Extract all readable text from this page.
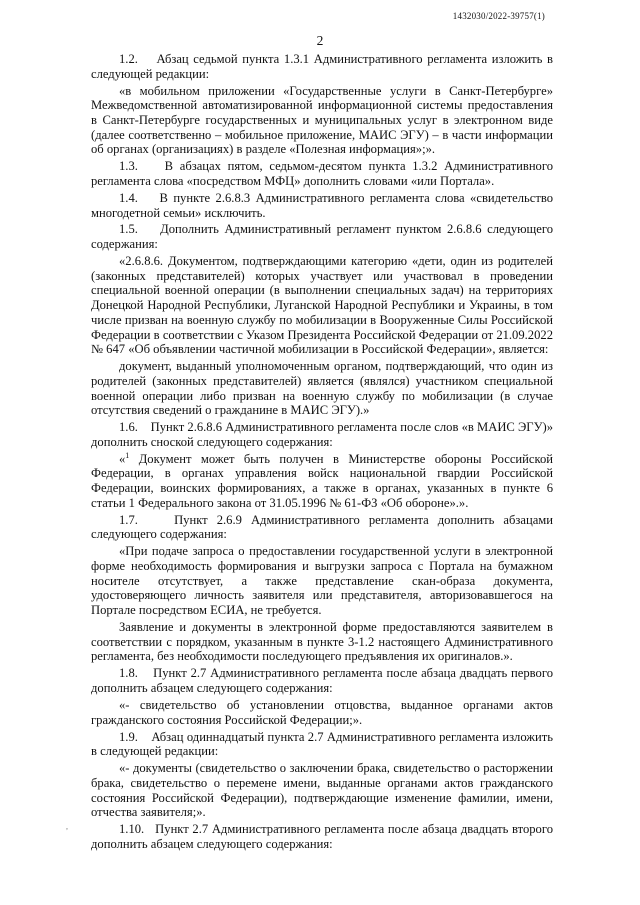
1432030/2022-39757(1)
2

1.2.    Абзац седьмой пункта 1.3.1 Административного регламента изложить в следующей редакции:

«в мобильном приложении «Государственные услуги в Санкт-Петербурге» Межведомственной автоматизированной информационной системы предоставления в Санкт-Петербурге государственных и муниципальных услуг в электронном виде (далее соответственно – мобильное приложение, МАИС ЭГУ) – в части информации об органах (организациях) в разделе «Полезная информация»;».

1.3.    В абзацах пятом, седьмом-десятом пункта 1.3.2 Административного регламента слова «посредством МФЦ» дополнить словами «или Портала».

1.4.    В пункте 2.6.8.3 Административного регламента слова «свидетельство многодетной семьи» исключить.

1.5.    Дополнить Административный регламент пунктом 2.6.8.6 следующего содержания:

«2.6.8.6. Документом, подтверждающими категорию «дети, один из родителей (законных представителей) которых участвует или участвовал в проведении специальной военной операции (в выполнении специальных задач) на территориях Донецкой Народной Республики, Луганской Народной Республики и Украины, в том числе призван на военную службу по мобилизации в Вооруженные Силы Российской Федерации в соответствии с Указом Президента Российской Федерации от 21.09.2022 № 647 «Об объявлении частичной мобилизации в Российской Федерации», является:

документ, выданный уполномоченным органом, подтверждающий, что один из родителей (законных представителей) является (являлся) участником специальной военной операции либо призван на военную службу по мобилизации (в случае отсутствия сведений о гражданине в МАИС ЭГУ).»

1.6.    Пункт 2.6.8.6 Административного регламента после слов «в МАИС ЭГУ)» дополнить сноской следующего содержания:

«$^1$ Документ может быть получен в Министерстве обороны Российской Федерации, в органах управления войск национальной гвардии Российской Федерации, воинских формированиях, а также в органах, указанных в пункте 6 статьи 1 Федерального закона от 31.05.1996 № 61-ФЗ «Об обороне».».

1.7.    Пункт 2.6.9 Административного регламента дополнить абзацами следующего содержания:

«При подаче запроса о предоставлении государственной услуги в электронной форме необходимость формирования и выгрузки запроса с Портала на бумажном носителе отсутствует, а также представление скан-образа документа, удостоверяющего личность заявителя или представителя, авторизовавшегося на Портале посредством ЕСИА, не требуется.

Заявление и документы в электронной форме предоставляются заявителем в соответствии с порядком, указанным в пункте 3-1.2 настоящего Административного регламента, без необходимости последующего предъявления их оригиналов.».

1.8.    Пункт 2.7 Административного регламента после абзаца двадцать первого дополнить абзацем следующего содержания:

«- свидетельство об установлении отцовства, выданное органами актов гражданского состояния Российской Федерации;».

1.9.    Абзац одиннадцатый пункта 2.7 Административного регламента изложить в следующей редакции:

«- документы (свидетельство о заключении брака, свидетельство о расторжении брака, свидетельство о перемене имени, выданные органами актов гражданского состояния Российской Федерации), подтверждающие изменение фамилии, имени, отчества заявителя;».

1.10.   Пункт 2.7 Административного регламента после абзаца двадцать второго дополнить абзацем следующего содержания:

,
